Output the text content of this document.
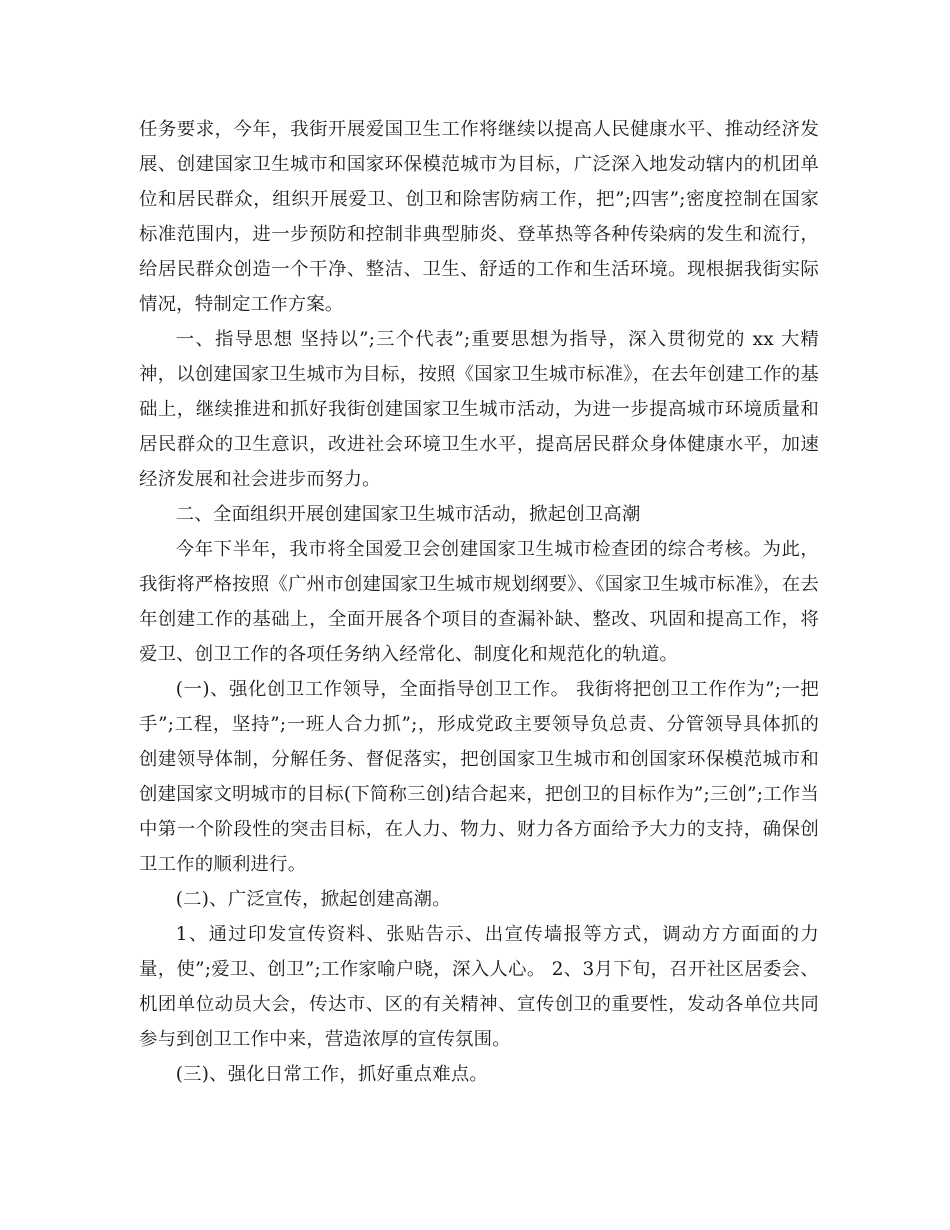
任务要求，今年，我街开展爱国卫生工作将继续以提高人民健康水平、推动经济发展、创建国家卫生城市和国家环保模范城市为目标，广泛深入地发动辖内的机团单位和居民群众，组织开展爱卫、创卫和除害防病工作，把”;四害”;密度控制在国家标准范围内，进一步预防和控制非典型肺炎、登革热等各种传染病的发生和流行，给居民群众创造一个干净、整洁、卫生、舒适的工作和生活环境。现根据我街实际情况，特制定工作方案。

一、指导思想 坚持以”;三个代表”;重要思想为指导，深入贯彻党的 xx 大精神，以创建国家卫生城市为目标，按照《国家卫生城市标准》，在去年创建工作的基础上，继续推进和抓好我街创建国家卫生城市活动，为进一步提高城市环境质量和居民群众的卫生意识，改进社会环境卫生水平，提高居民群众身体健康水平，加速经济发展和社会进步而努力。

二、全面组织开展创建国家卫生城市活动，掀起创卫高潮

今年下半年，我市将全国爱卫会创建国家卫生城市检查团的综合考核。为此，我街将严格按照《广州市创建国家卫生城市规划纲要》、《国家卫生城市标准》，在去年创建工作的基础上，全面开展各个项目的查漏补缺、整改、巩固和提高工作，将爱卫、创卫工作的各项任务纳入经常化、制度化和规范化的轨道。

(一)、强化创卫工作领导，全面指导创卫工作。 我街将把创卫工作作为”;一把手”;工程，坚持”;一班人合力抓”;，形成党政主要领导负总责、分管领导具体抓的创建领导体制，分解任务、督促落实，把创国家卫生城市和创国家环保模范城市和创建国家文明城市的目标(下简称三创)结合起来，把创卫的目标作为”;三创”;工作当中第一个阶段性的突击目标，在人力、物力、财力各方面给予大力的支持，确保创卫工作的顺利进行。

(二)、广泛宣传，掀起创建高潮。

1、通过印发宣传资料、张贴告示、出宣传墙报等方式，调动方方面面的力量，使”;爱卫、创卫”;工作家喻户晓，深入人心。 2、3月下旬，召开社区居委会、机团单位动员大会，传达市、区的有关精神、宣传创卫的重要性，发动各单位共同参与到创卫工作中来，营造浓厚的宣传氛围。

(三)、强化日常工作，抓好重点难点。
